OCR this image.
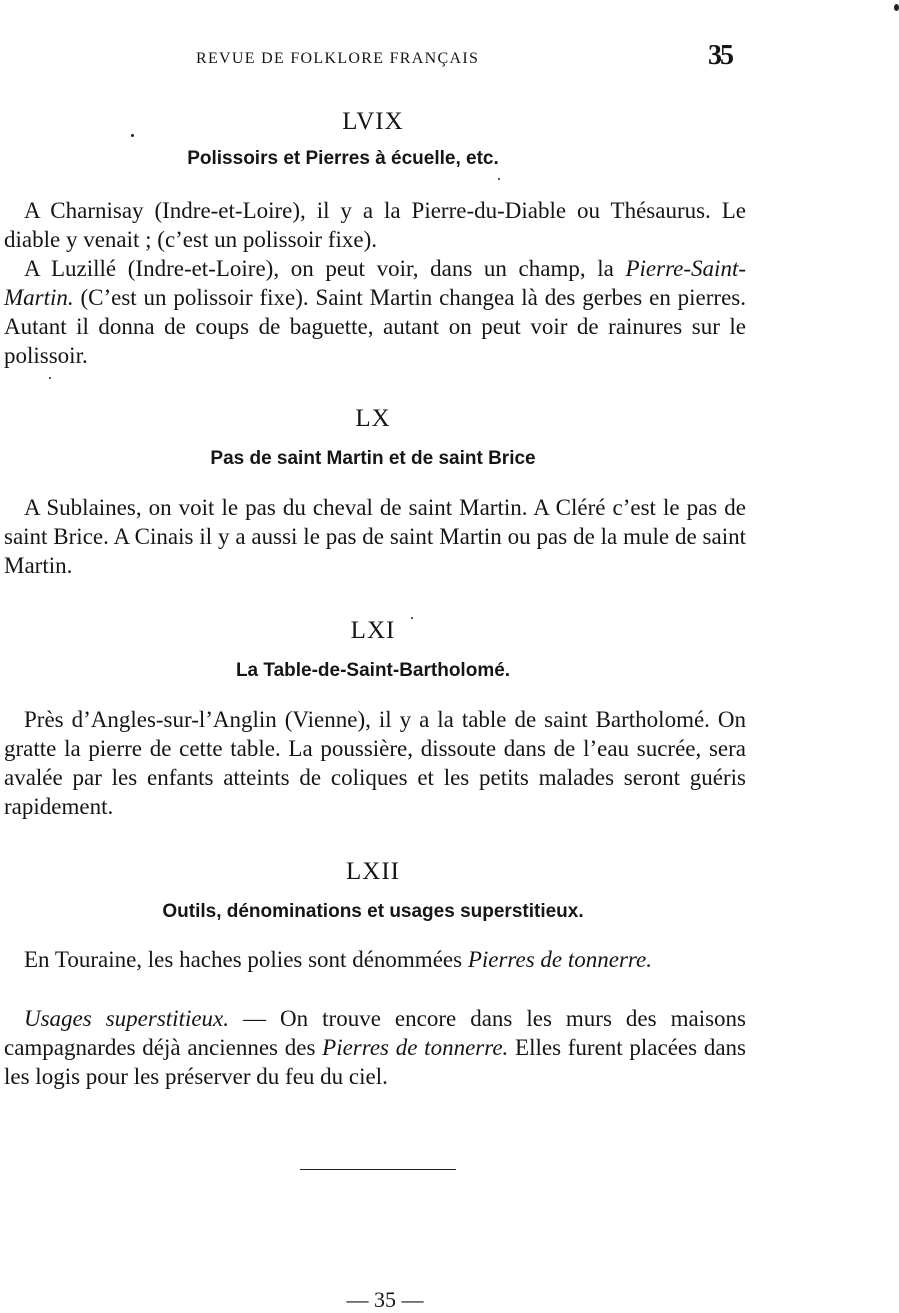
REVUE DE FOLKLORE FRANÇAIS	35
LVIX
Polissoirs et Pierres à écuelle, etc.

A Charnisay (Indre-et-Loire), il y a la Pierre-du-Diable ou Thésaurus. Le diable y venait ; (c’est un polissoir fixe).

A Luzillé (Indre-et-Loire), on peut voir, dans un champ, la Pierre-Saint-Martin. (C’est un polissoir fixe). Saint Martin changea là des gerbes en pierres. Autant il donna de coups de baguette, autant on peut voir de rainures sur le polissoir.

LX
Pas de saint Martin et de saint Brice

A Sublaines, on voit le pas du cheval de saint Martin. A Cléré c’est le pas de saint Brice. A Cinais il y a aussi le pas de saint Martin ou pas de la mule de saint Martin.

LXI
La Table-de-Saint-Bartholomé.

Près d’Angles-sur-l’Anglin (Vienne), il y a la table de saint Bartholomé. On gratte la pierre de cette table. La poussière, dissoute dans de l’eau sucrée, sera avalée par les enfants atteints de coliques et les petits malades seront guéris rapidement.

LXII
Outils, dénominations et usages superstitieux.

En Touraine, les haches polies sont dénommées Pierres de tonnerre.

Usages superstitieux. — On trouve encore dans les murs des maisons campagnardes déjà anciennes des Pierres de tonnerre. Elles furent placées dans les logis pour les préserver du feu du ciel.

— 35 —
